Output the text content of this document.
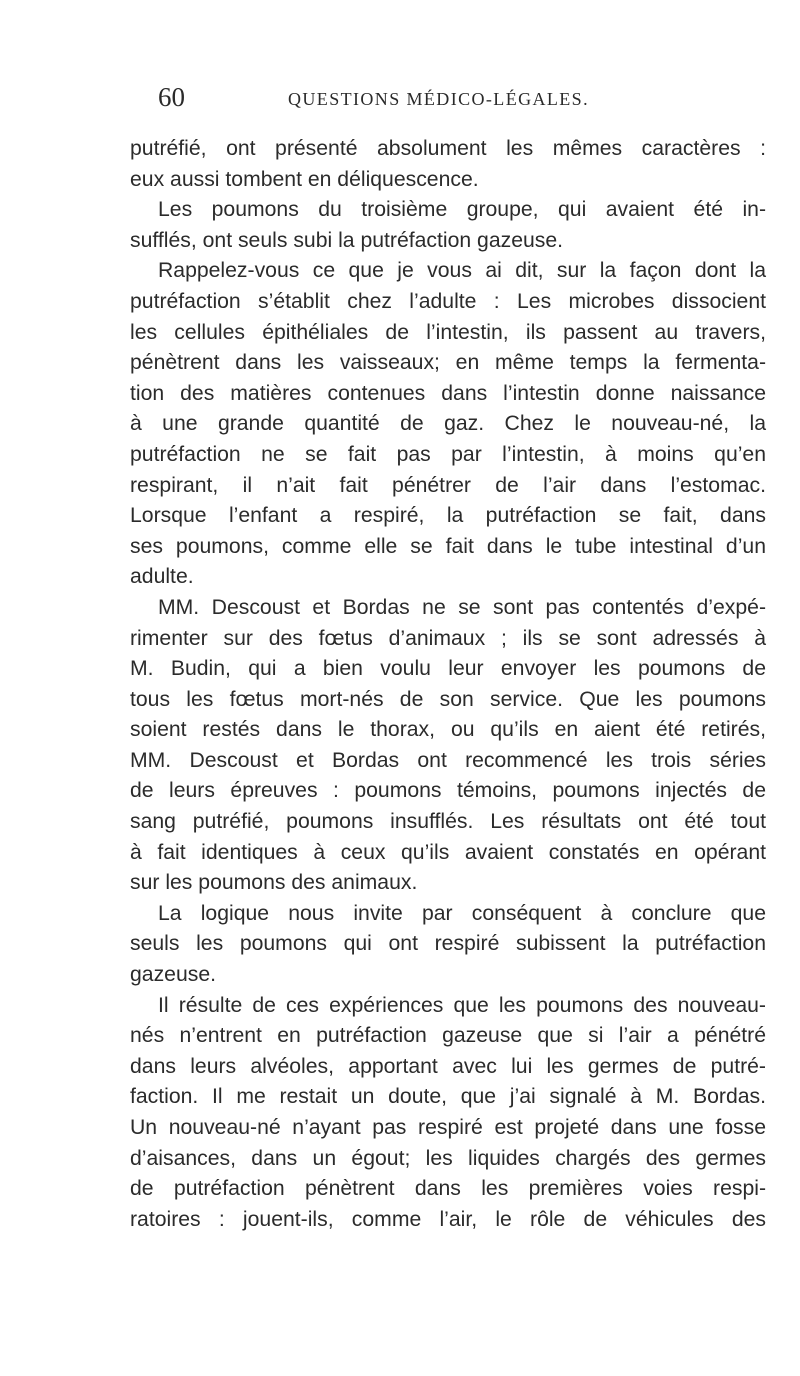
60	QUESTIONS MÉDICO-LÉGALES.
putréfié, ont présenté absolument les mêmes caractères :
eux aussi tombent en déliquescence.
Les poumons du troisième groupe, qui avaient été in-
sufflés, ont seuls subi la putréfaction gazeuse.
Rappelez-vous ce que je vous ai dit, sur la façon dont la
putréfaction s’établit chez l’adulte : Les microbes dissocient
les cellules épithéliales de l’intestin, ils passent au travers,
pénètrent dans les vaisseaux; en même temps la fermenta-
tion des matières contenues dans l’intestin donne naissance
à une grande quantité de gaz. Chez le nouveau-né, la
putréfaction ne se fait pas par l’intestin, à moins qu’en
respirant, il n’ait fait pénétrer de l’air dans l’estomac.
Lorsque l’enfant a respiré, la putréfaction se fait, dans
ses poumons, comme elle se fait dans le tube intestinal d’un
adulte.
MM. Descoust et Bordas ne se sont pas contentés d’expé-
rimenter sur des fœtus d’animaux ; ils se sont adressés à
M. Budin, qui a bien voulu leur envoyer les poumons de
tous les fœtus mort-nés de son service. Que les poumons
soient restés dans le thorax, ou qu’ils en aient été retirés,
MM. Descoust et Bordas ont recommencé les trois séries
de leurs épreuves : poumons témoins, poumons injectés de
sang putréfié, poumons insufflés. Les résultats ont été tout
à fait identiques à ceux qu’ils avaient constatés en opérant
sur les poumons des animaux.
La logique nous invite par conséquent à conclure que
seuls les poumons qui ont respiré subissent la putréfaction
gazeuse.
Il résulte de ces expériences que les poumons des nouveau-
nés n’entrent en putréfaction gazeuse que si l’air a pénétré
dans leurs alvéoles, apportant avec lui les germes de putré-
faction. Il me restait un doute, que j’ai signalé à M. Bordas.
Un nouveau-né n’ayant pas respiré est projeté dans une fosse
d’aisances, dans un égout; les liquides chargés des germes
de putréfaction pénètrent dans les premières voies respi-
ratoires : jouent-ils, comme l’air, le rôle de véhicules des
